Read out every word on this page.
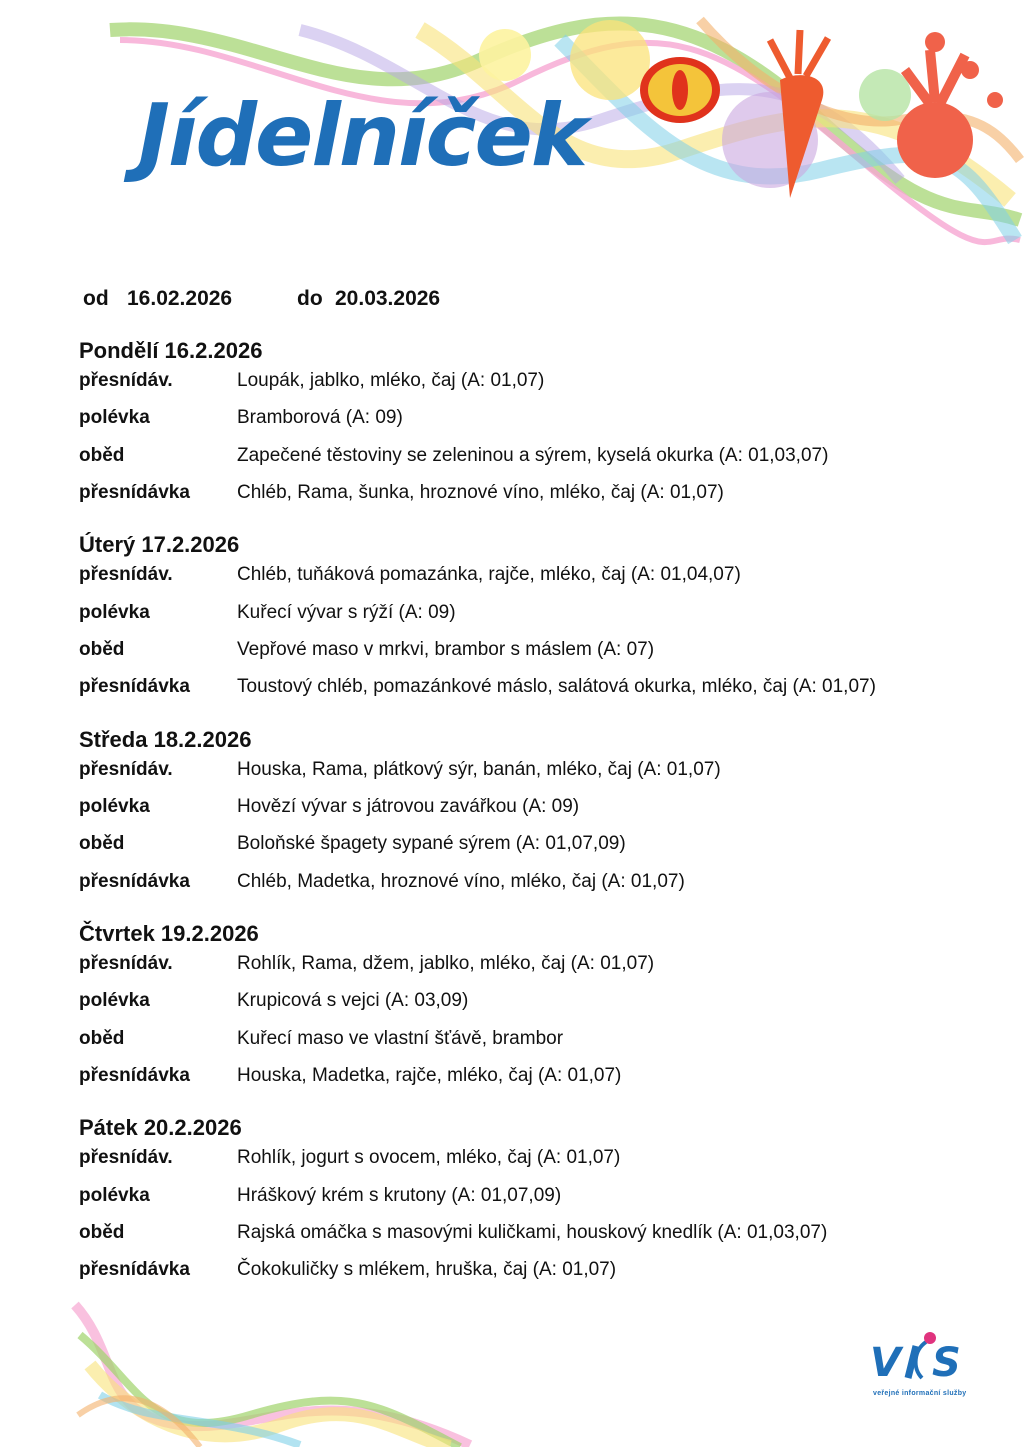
Jídelníček
od 16.02.2026	do 20.03.2026
Pondělí 16.2.2026
přesnídáv.	Loupák, jablko, mléko, čaj (A: 01,07)
polévka	Bramborová (A: 09)
oběd	Zapečené těstoviny se zeleninou a sýrem, kyselá okurka (A: 01,03,07)
přesnídávka	Chléb, Rama, šunka, hroznové víno, mléko, čaj (A: 01,07)
Úterý 17.2.2026
přesnídáv.	Chléb, tuňáková pomazánka, rajče, mléko, čaj (A: 01,04,07)
polévka	Kuřecí vývar s rýží (A: 09)
oběd	Vepřové maso v mrkvi, brambor s máslem (A: 07)
přesnídávka	Toustový chléb, pomazánkové máslo, salátová okurka, mléko, čaj (A: 01,07)
Středa 18.2.2026
přesnídáv.	Houska, Rama, plátkový sýr, banán, mléko, čaj (A: 01,07)
polévka	Hovězí vývar s játrovou zavářkou (A: 09)
oběd	Boloňské špagety sypané sýrem (A: 01,07,09)
přesnídávka	Chléb, Madetka, hroznové víno, mléko, čaj (A: 01,07)
Čtvrtek 19.2.2026
přesnídáv.	Rohlík, Rama, džem, jablko, mléko, čaj (A: 01,07)
polévka	Krupicová s vejci (A: 03,09)
oběd	Kuřecí maso ve vlastní šťávě, brambor
přesnídávka	Houska, Madetka, rajče, mléko, čaj (A: 01,07)
Pátek 20.2.2026
přesnídáv.	Rohlík, jogurt s ovocem, mléko, čaj (A: 01,07)
polévka	Hráškový krém s krutony (A: 01,07,09)
oběd	Rajská omáčka s masovými kuličkami, houskový knedlík (A: 01,03,07)
přesnídávka	Čokokuličky s mlékem, hruška, čaj (A: 01,07)
V S
veřejné informační služby
